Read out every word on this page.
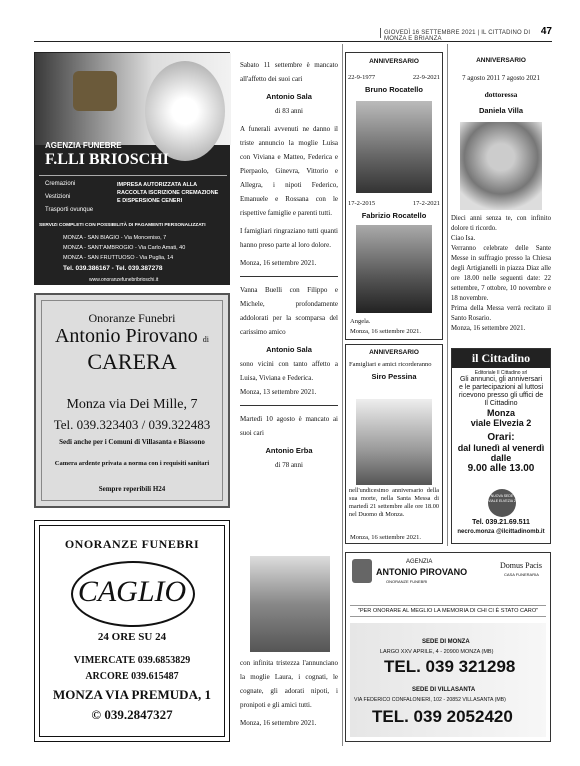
GIOVEDÌ 16 SETTEMBRE 2021 | IL CITTADINO DI MONZA E BRIANZA
47
AGENZIA FUNEBRE
F.LLI BRIOSCHI
Cremazioni
Vestizioni
Trasporti ovunque
IMPRESA AUTORIZZATA ALLA RACCOLTA ISCRIZIONE CREMAZIONE E DISPERSIONE CENERI
SERVIZI COMPLETI CON POSSIBILITÀ DI PAGAMENTI PERSONALIZZATI
MONZA - SAN BIAGIO - Via Monceniso, 7
MONZA - SANT'AMBROGIO - Via Carlo Amati, 40
MONZA - SAN FRUTTUOSO - Via Puglia, 14
Tel. 039.386167 - Tel. 039.387278
www.onoranzefunebribrioschi.it
Onoranze Funebri
Antonio Pirovano di
CARERA
Monza via Dei Mille, 7
Tel. 039.323403 / 039.322483
Sedi anche per i Comuni di Villasanta e Biassono
Camera ardente privata a norma con i requisiti sanitari
Sempre reperibili H24
ONORANZE FUNEBRI
CAGLIO
24 ORE SU 24
VIMERCATE 039.6853829
ARCORE 039.615487
MONZA VIA PREMUDA, 1
© 039.2847327

Sabato 11 settembre è mancato all'affetto dei suoi cari

Antonio Sala
di 83 anni

A funerali avvenuti ne danno il triste annuncio la moglie Luisa con Viviana e Matteo, Federica e Pierpaolo, Ginevra, Vittorio e Allegra, i nipoti Federico, Emanuele e Rossana con le rispettive famiglie e parenti tutti.

I famigliari ringraziano tutti quanti hanno preso parte al loro dolore.

Monza, 16 settembre 2021.

Vanna Buelli con Filippo e Michele, profondamente addolorati per la scomparsa del carissimo amico

Antonio Sala

sono vicini con tanto affetto a Luisa, Viviana e Federica.

Monza, 13 settembre 2021.

Martedì 10 agosto è mancato ai suoi cari

Antonio Erba
di 78 anni

con infinita tristezza l'annunciano la moglie Laura, i cognati, le cognate, gli adorati nipoti, i pronipoti e gli amici tutti.

Monza, 16 settembre 2021.

ANNIVERSARIO
22-9-1977	22-9-2021
Bruno Rocatello
17-2-2015	17-2-2021
Fabrizio Rocatello
Angela.
Monza, 16 settembre 2021.
ANNIVERSARIO
Famigliari e amici ricorderanno
Siro Pessina
nell'undicesimo anniversario della sua morte, nella Santa Messa di martedì 21 settembre alle ore 18.00 nel Duomo di Monza.
Monza, 16 settembre 2021.
ANNIVERSARIO
7 agosto 2011 7 agosto 2021
dottoressa
Daniela Villa

Dieci anni senza te, con infinito dolore ti ricordo.

Ciao Isa.

Verranno celebrate delle Sante Messe in suffragio presso la Chiesa degli Artigianelli in piazza Diaz alle ore 18.00 nelle seguenti date: 22 settembre, 7 ottobre, 10 novembre e 18 novembre.

Prima della Messa verrà recitato il Santo Rosario.

Monza, 16 settembre 2021.

il Cittadino
Editoriale Il Cittadino srl
Gli annunci, gli anniversari e le partecipazioni al luttosi ricevono presso gli uffici de Il Cittadino
Monza
viale Elvezia 2
Orari:
dal lunedì al venerdì dalle
9.00 alle 13.00
NUOVA SEDE VIALE ELVEZIA 2
Tel. 039.21.69.511
necro.monza @ilcittadinomb.it
AGENZIA
ANTONIO PIROVANO
ONORANZE FUNEBRI
Domus Pacis
CASA FUNERARIA
"PER ONORARE AL MEGLIO LA MEMORIA DI CHI CI È STATO CARO"
SEDE DI MONZA
LARGO XXV APRILE, 4 - 20900 MONZA (MB)
TEL. 039 321298
SEDE DI VILLASANTA
VIA FEDERICO CONFALONIERI, 102 - 20852 VILLASANTA (MB)
TEL. 039 2052420
